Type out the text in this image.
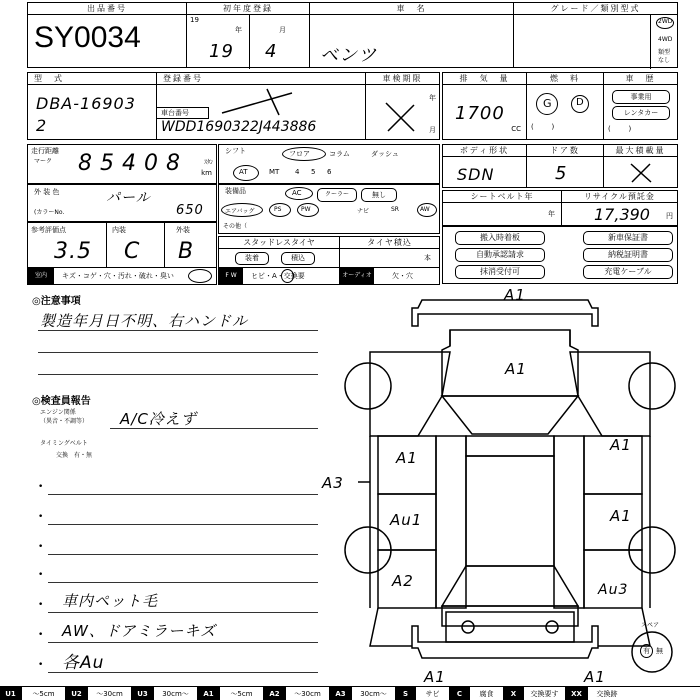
出品番号
SY0034
初年度登録
19
年	月
19 4
車　名
ベンツ
グレード／類別型式
2WD
4WD
類型
なし
型　式
DBA-169032
登録番号
車台番号
WDD1690322J443886
車検期限
年
月
排　気　量
1700
CC
燃　料
G D
(        )
車　歴
事業用
レンタカー
(        )
走行距離
マーク 8 5 4 0 8	ｽﾀﾝ
km
シフト	フロア	コラム	ダッシュ
AT	MT 4 5 6
ボディ形状
SDN
ドア数
5
最大積載量
外 装 色	パール
(カラーNo.	650
装備品	AC	クーラー	無し
エアバッグ	PS	PW	ナビ	SR	AW
その他（
シートベルト年
年
リサイクル預託金
17,390 円
参考評価点	内装	外装
3.5 C B	スタッドレスタイヤ
装着	積込
タイヤ積込
本
搬入時着板	新車保証書
自動承認請求	納税証明書
抹消受付可	充電ケーブル
室内	キズ・コゲ・穴・汚れ・破れ・臭い	F W	ヒビ・A・交換要	オーディオ	欠・穴
◎注意事項
製造年月日不明、右ハンドル
◎検査員報告
エンジン関係
（異音・不調等） A/C冷えず
タイミングベルト
交換　有・無
•
•
•
•
• 車内ペット毛
• AW、ドアミラーキズ
• 各Au
A1
A1
A1
Au1
A2
A1
A1
Au3
A3
A1	A1
スペア
有 無
U1	〜5cm	U2	〜30cm	U3	30cm〜	A1	〜5cm	A2	〜30cm	A3	30cm〜	S	サビ	C	腐食	X	交換要す	XX	交換跡
